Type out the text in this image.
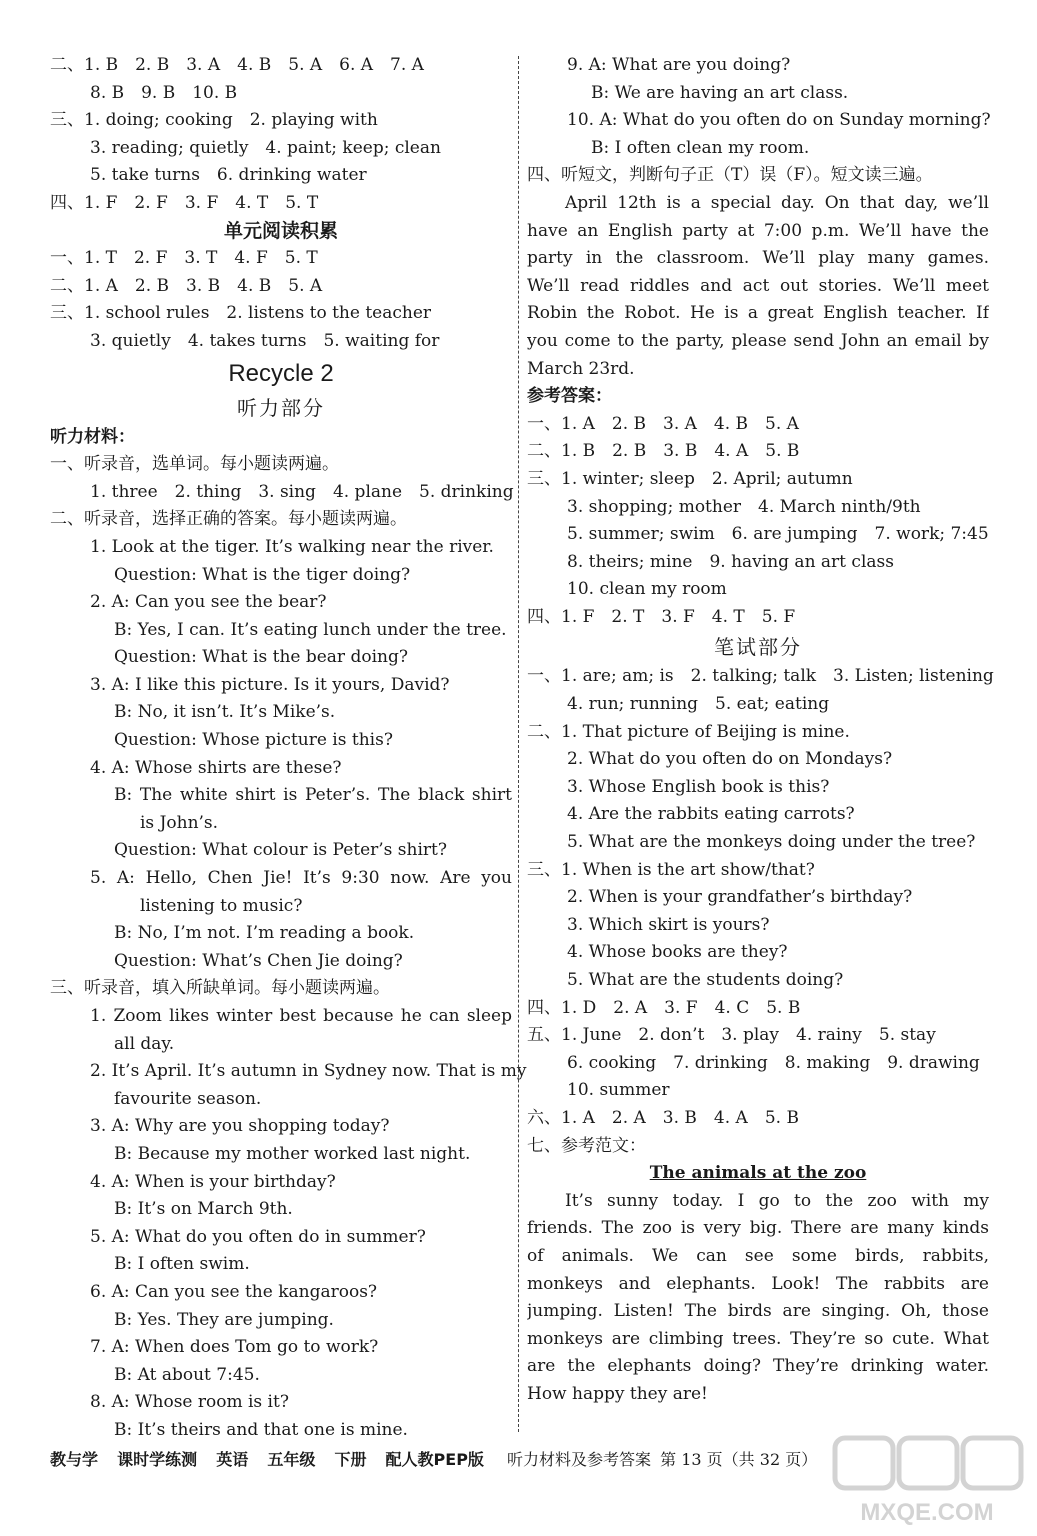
二、1. B　2. B　3. A　4. B　5. A　6. A　7. A
8. B　9. B　10. B
三、1. doing; cooking　2. playing with
3. reading; quietly　4. paint; keep; clean
5. take turns　6. drinking water
四、1. F　2. F　3. F　4. T　5. T
单元阅读积累
一、1. T　2. F　3. T　4. F　5. T
二、1. A　2. B　3. B　4. B　5. A
三、1. school rules　2. listens to the teacher
3. quietly　4. takes turns　5. waiting for
Recycle 2
听力部分
听力材料：
一、听录音，选单词。每小题读两遍。
1. three　2. thing　3. sing　4. plane　5. drinking
二、听录音，选择正确的答案。每小题读两遍。
1. Look at the tiger. It’s walking near the river.
Question: What is the tiger doing?
2. A: Can you see the bear?
B: Yes, I can. It’s eating lunch under the tree.
Question: What is the bear doing?
3. A: I like this picture. Is it yours, David?
B: No, it isn’t. It’s Mike’s.
Question: Whose picture is this?
4. A: Whose shirts are these?
B: The white shirt is Peter’s. The black shirt
is John’s.
Question: What colour is Peter’s shirt?
5. A: Hello, Chen Jie! It’s 9:30 now. Are you
listening to music?
B: No, I’m not. I’m reading a book.
Question: What’s Chen Jie doing?
三、听录音，填入所缺单词。每小题读两遍。
1. Zoom likes winter best because he can sleep
all day.
2. It’s April. It’s autumn in Sydney now. That is my
favourite season.
3. A: Why are you shopping today?
B: Because my mother worked last night.
4. A: When is your birthday?
B: It’s on March 9th.
5. A: What do you often do in summer?
B: I often swim.
6. A: Can you see the kangaroos?
B: Yes. They are jumping.
7. A: When does Tom go to work?
B: At about 7:45.
8. A: Whose room is it?
B: It’s theirs and that one is mine.
9. A: What are you doing?
B: We are having an art class.
10. A: What do you often do on Sunday morning?
B: I often clean my room.
四、听短文，判断句子正（T）误（F）。短文读三遍。
April 12th is a special day. On that day, we’ll
have an English party at 7:00 p.m. We’ll have the
party in the classroom. We’ll play many games.
We’ll read riddles and act out stories. We’ll meet
Robin the Robot. He is a great English teacher. If
you come to the party, please send John an email by
March 23rd.
参考答案：
一、1. A　2. B　3. A　4. B　5. A
二、1. B　2. B　3. B　4. A　5. B
三、1. winter; sleep　2. April; autumn
3. shopping; mother　4. March ninth/9th
5. summer; swim　6. are jumping　7. work; 7:45
8. theirs; mine　9. having an art class
10. clean my room
四、1. F　2. T　3. F　4. T　5. F
笔试部分
一、1. are; am; is　2. talking; talk　3. Listen; listening
4. run; running　5. eat; eating
二、1. That picture of Beijing is mine.
2. What do you often do on Mondays?
3. Whose English book is this?
4. Are the rabbits eating carrots?
5. What are the monkeys doing under the tree?
三、1. When is the art show/that?
2. When is your grandfather’s birthday?
3. Which skirt is yours?
4. Whose books are they?
5. What are the students doing?
四、1. D　2. A　3. F　4. C　5. B
五、1. June　2. don’t　3. play　4. rainy　5. stay
6. cooking　7. drinking　8. making　9. drawing
10. summer
六、1. A　2. A　3. B　4. A　5. B
七、参考范文：
The animals at the zoo
It’s sunny today. I go to the zoo with my
friends. The zoo is very big. There are many kinds
of animals. We can see some birds, rabbits,
monkeys and elephants. Look! The rabbits are
jumping. Listen! The birds are singing. Oh, those
monkeys are climbing trees. They’re so cute. What
are the elephants doing? They’re drinking water.
How happy they are!
教与学 课时学练测 英语 五年级 下册 配人教PEP版 听力材料及参考答案 第 13 页（共 32 页）
MXQE.COM
